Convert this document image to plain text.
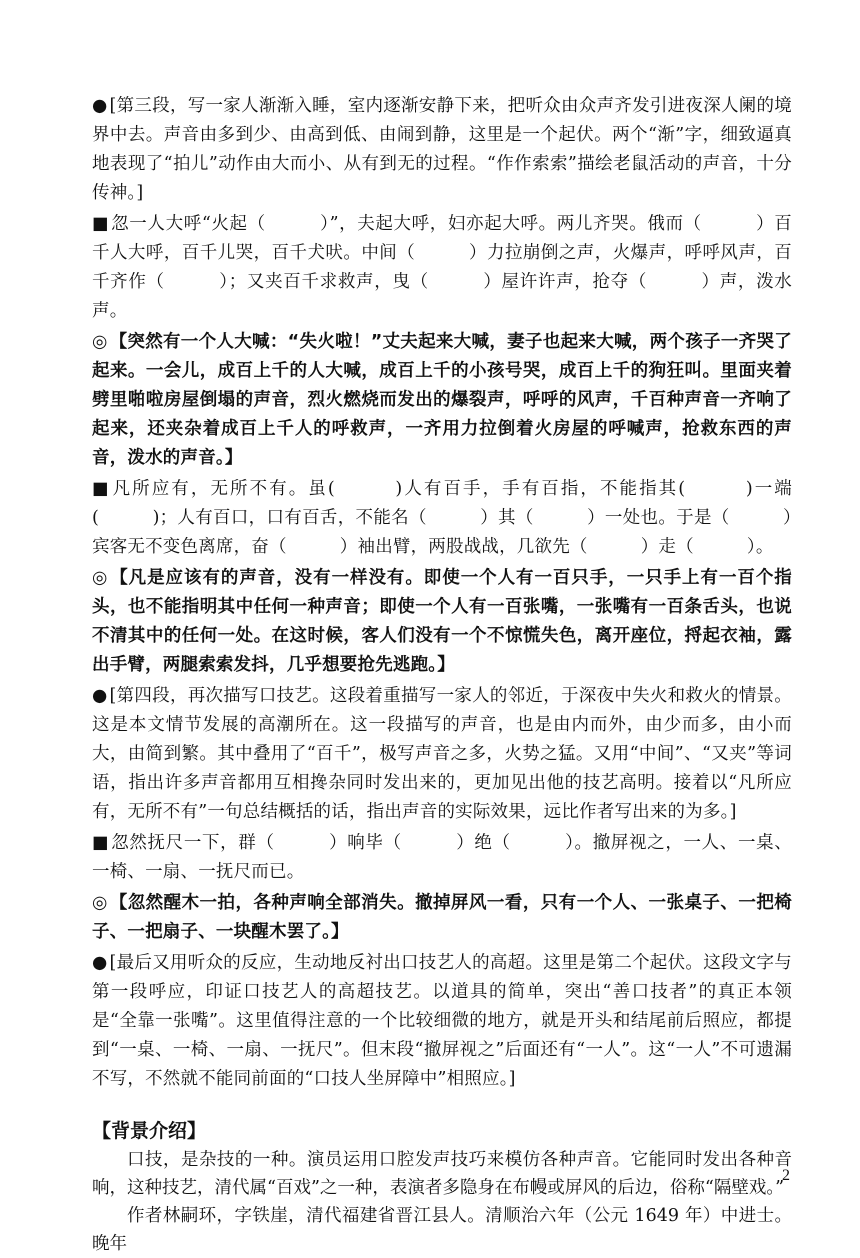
● [第三段，写一家人渐渐入睡，室内逐渐安静下来，把听众由众声齐发引进夜深人阑的境界中去。声音由多到少、由高到低、由闹到静，这里是一个起伏。两个“渐”字，细致逼真地表现了“拍儿”动作由大而小、从有到无的过程。“作作索索”描绘老鼠活动的声音，十分传神。]
■ 忽一人大呼“火起（　　　）”，夫起大呼，妇亦起大呼。两儿齐哭。俄而（　　　）百千人大呼，百千儿哭，百千犬吠。中间（　　　）力拉崩倒之声，火爆声，呼呼风声，百千齐作（　　　）；又夹百千求救声，曳（　　　）屋许许声，抢夺（　　　）声，泼水声。
◎ 【突然有一个人大喊：“失火啦！”丈夫起来大喊，妻子也起来大喊，两个孩子一齐哭了起来。一会儿，成百上千的人大喊，成百上千的小孩号哭，成百上千的狗狂叫。里面夹着劈里啪啦房屋倒塌的声音，烈火燃烧而发出的爆裂声，呼呼的风声，千百种声音一齐响了起来，还夹杂着成百上千人的呼救声，一齐用力拉倒着火房屋的呼喊声，抢救东西的声音，泼水的声音。】
■ 凡所应有，无所不有。虽(　　　)人有百手，手有百指，不能指其(　　　)一端(　　　)；人有百口，口有百舌，不能名（　　　）其（　　　）一处也。于是（　　　）宾客无不变色离席，奋（　　　）袖出臂，两股战战，几欲先（　　　）走（　　　）。
◎ 【凡是应该有的声音，没有一样没有。即使一个人有一百只手，一只手上有一百个指头，也不能指明其中任何一种声音；即使一个人有一百张嘴，一张嘴有一百条舌头，也说不清其中的任何一处。在这时候，客人们没有一个不惊慌失色，离开座位，捋起衣袖，露出手臂，两腿索索发抖，几乎想要抢先逃跑。】
● [第四段，再次描写口技艺。这段着重描写一家人的邻近，于深夜中失火和救火的情景。这是本文情节发展的高潮所在。这一段描写的声音，也是由内而外，由少而多，由小而大，由简到繁。其中叠用了“百千”，极写声音之多，火势之猛。又用“中间”、“又夹”等词语，指出许多声音都用互相搀杂同时发出来的，更加见出他的技艺高明。接着以“凡所应有，无所不有”一句总结概括的话，指出声音的实际效果，远比作者写出来的为多。]
■ 忽然抚尺一下，群（　　　）响毕（　　　）绝（　　　）。撤屏视之，一人、一桌、一椅、一扇、一抚尺而已。
◎ 【忽然醒木一拍，各种声响全部消失。撤掉屏风一看，只有一个人、一张桌子、一把椅子、一把扇子、一块醒木罢了。】
● [最后又用听众的反应，生动地反衬出口技艺人的高超。这里是第二个起伏。这段文字与第一段呼应，印证口技艺人的高超技艺。以道具的简单，突出“善口技者”的真正本领是“全靠一张嘴”。这里值得注意的一个比较细微的地方，就是开头和结尾前后照应，都提到“一桌、一椅、一扇、一抚尺”。但末段“撤屏视之”后面还有“一人”。这“一人”不可遗漏不写，不然就不能同前面的“口技人坐屏障中”相照应。]
【背景介绍】

口技，是杂技的一种。演员运用口腔发声技巧来模仿各种声音。它能同时发出各种音响，这种技艺，清代属“百戏”之一种，表演者多隐身在布幔或屏风的后边，俗称“隔壁戏。”

作者林嗣环，字铁崖，清代福建省晋江县人。清顺治六年（公元 1649 年）中进士。晚年

2
